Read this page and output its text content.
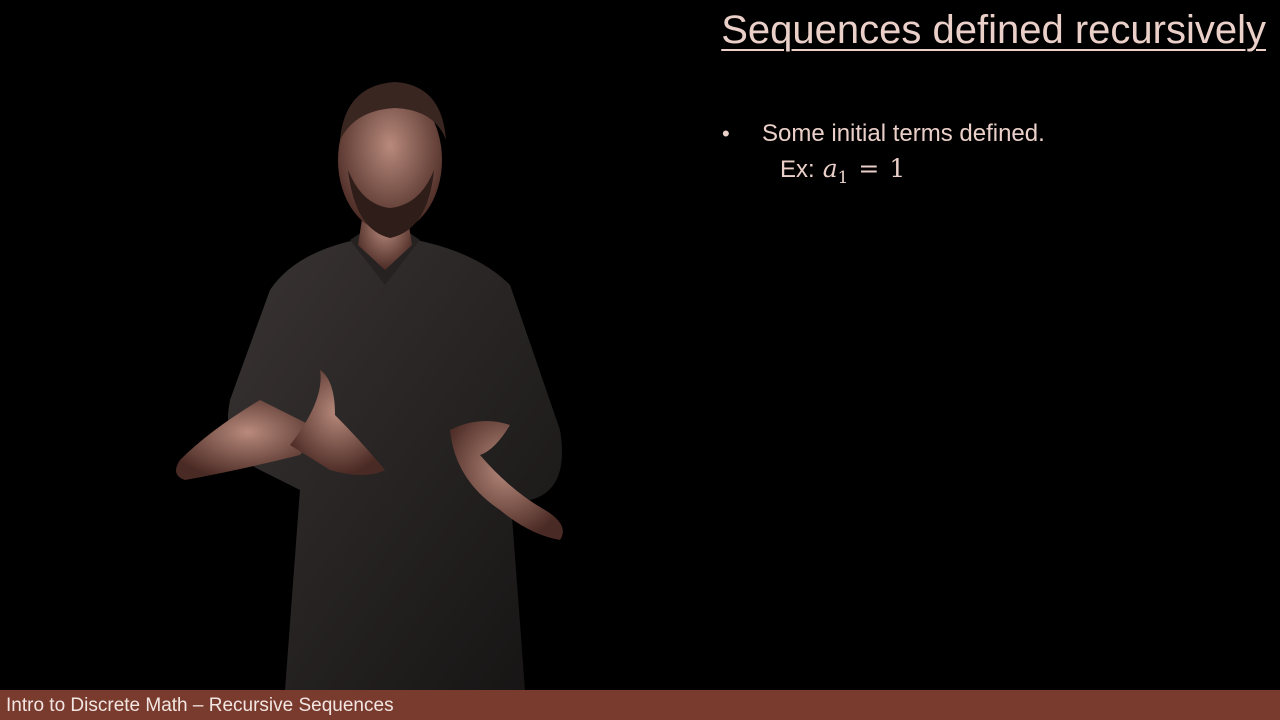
Sequences defined recursively
•	Some initial terms defined.
Ex: $a_1 = 1$
Intro to Discrete Math – Recursive Sequences
